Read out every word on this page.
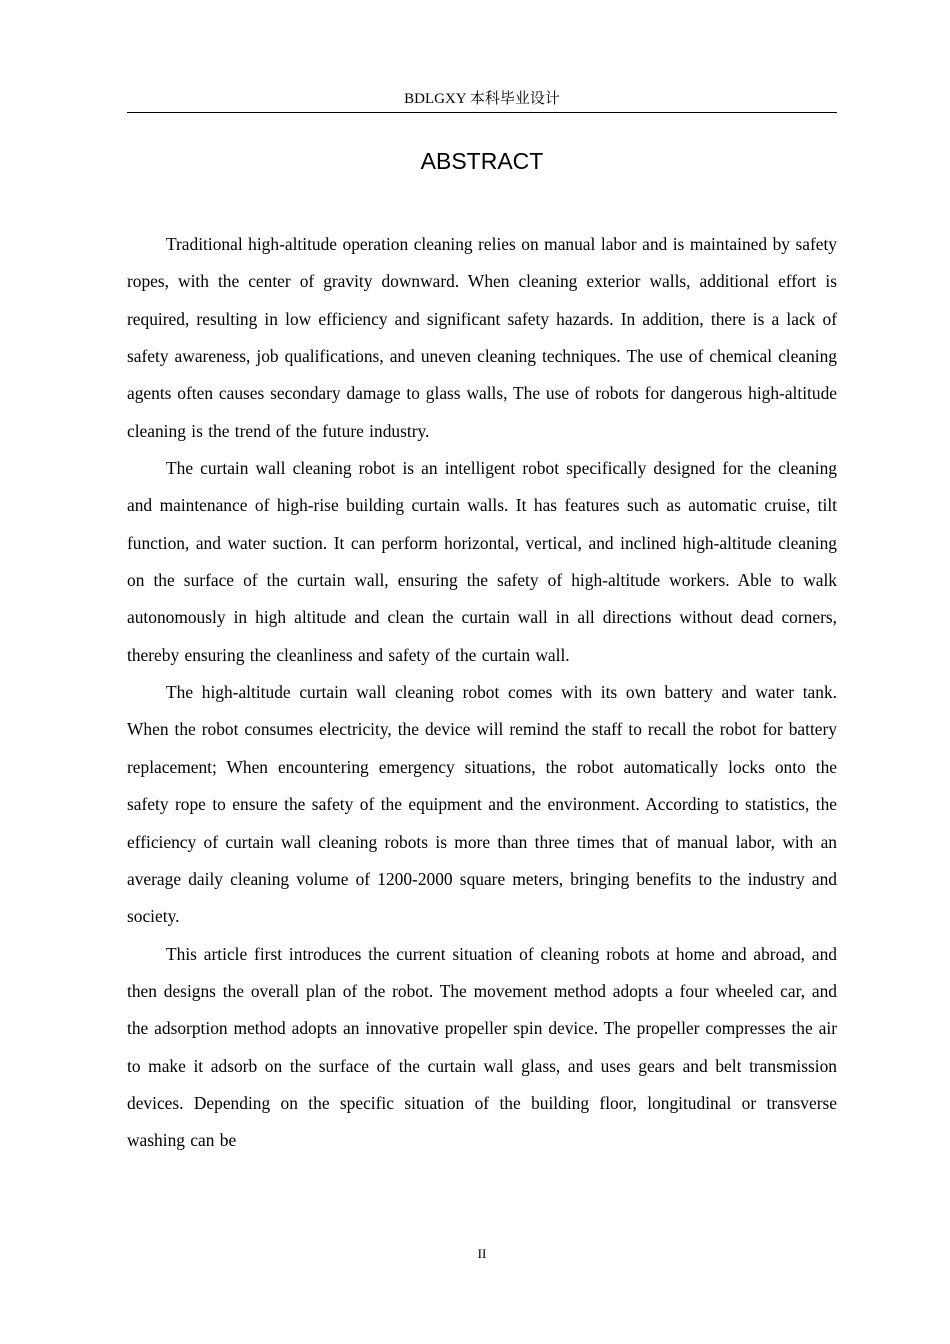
BDLGXY 本科毕业设计
ABSTRACT

Traditional high-altitude operation cleaning relies on manual labor and is maintained by safety ropes, with the center of gravity downward. When cleaning exterior walls, additional effort is required, resulting in low efficiency and significant safety hazards. In addition, there is a lack of safety awareness, job qualifications, and uneven cleaning techniques. The use of chemical cleaning agents often causes secondary damage to glass walls, The use of robots for dangerous high-altitude cleaning is the trend of the future industry.

The curtain wall cleaning robot is an intelligent robot specifically designed for the cleaning and maintenance of high-rise building curtain walls. It has features such as automatic cruise, tilt function, and water suction. It can perform horizontal, vertical, and inclined high-altitude cleaning on the surface of the curtain wall, ensuring the safety of high-altitude workers. Able to walk autonomously in high altitude and clean the curtain wall in all directions without dead corners, thereby ensuring the cleanliness and safety of the curtain wall.

The high-altitude curtain wall cleaning robot comes with its own battery and water tank. When the robot consumes electricity, the device will remind the staff to recall the robot for battery replacement; When encountering emergency situations, the robot automatically locks onto the safety rope to ensure the safety of the equipment and the environment. According to statistics, the efficiency of curtain wall cleaning robots is more than three times that of manual labor, with an average daily cleaning volume of 1200-2000 square meters, bringing benefits to the industry and society.

This article first introduces the current situation of cleaning robots at home and abroad, and then designs the overall plan of the robot. The movement method adopts a four wheeled car, and the adsorption method adopts an innovative propeller spin device. The propeller compresses the air to make it adsorb on the surface of the curtain wall glass, and uses gears and belt transmission devices. Depending on the specific situation of the building floor, longitudinal or transverse washing can be

II
